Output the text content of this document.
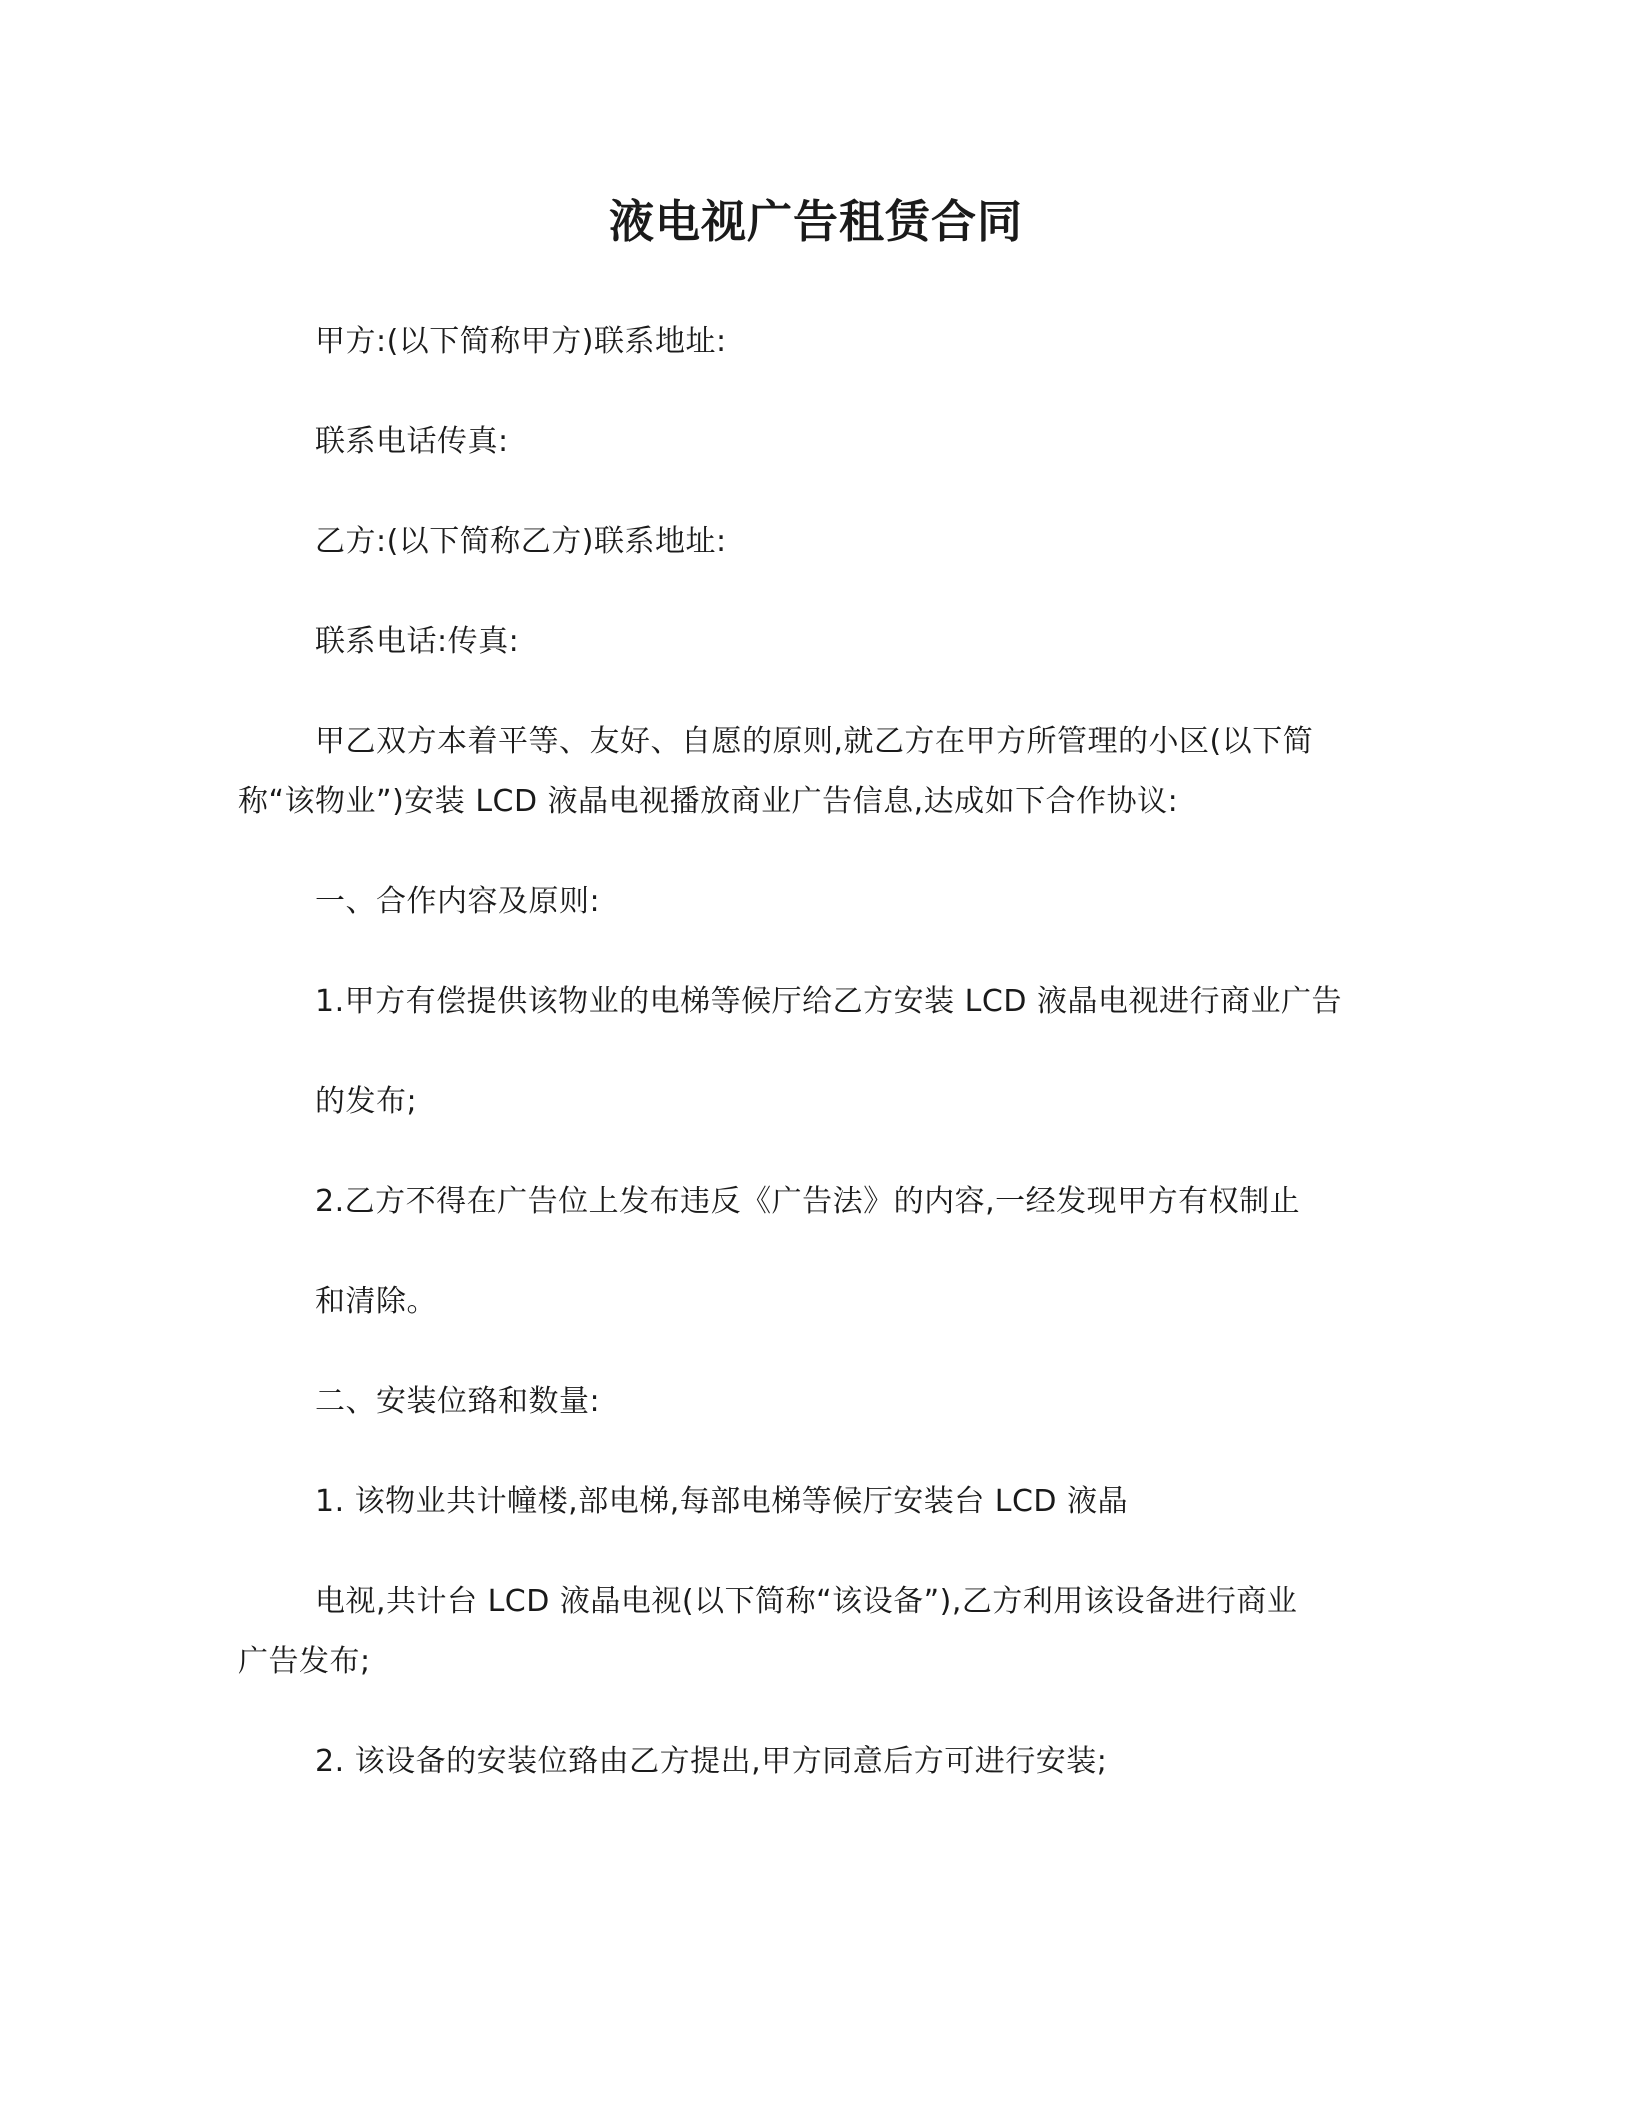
液电视广告租赁合同
甲方:(以下简称甲方)联系地址:
联系电话传真:
乙方:(以下简称乙方)联系地址:
联系电话:传真:
甲乙双方本着平等、友好、自愿的原则,就乙方在甲方所管理的小区(以下简
称“该物业”)安装 LCD 液晶电视播放商业广告信息,达成如下合作协议:
一、合作内容及原则:
1.甲方有偿提供该物业的电梯等候厅给乙方安装 LCD 液晶电视进行商业广告
的发布;
2.乙方不得在广告位上发布违反《广告法》的内容,一经发现甲方有权制止
和清除。
二、安装位臵和数量:
1. 该物业共计幢楼,部电梯,每部电梯等候厅安装台 LCD 液晶
电视,共计台 LCD 液晶电视(以下简称“该设备”),乙方利用该设备进行商业
广告发布;
2. 该设备的安装位臵由乙方提出,甲方同意后方可进行安装;
